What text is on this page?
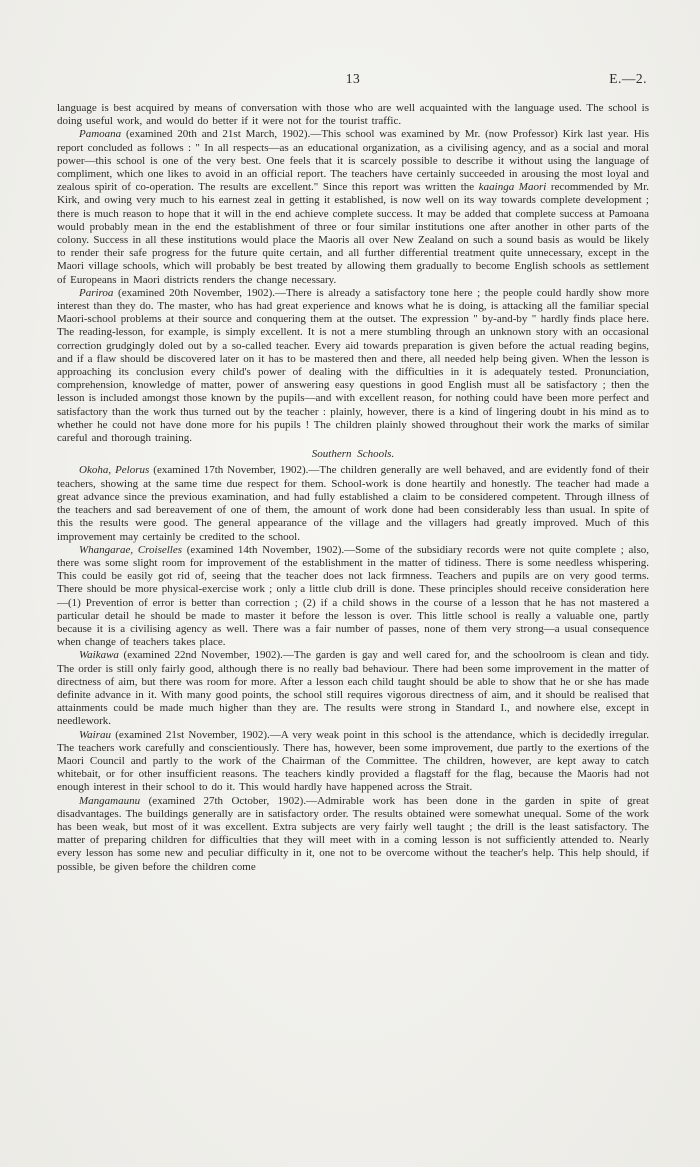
13	E.—2.

language is best acquired by means of conversation with those who are well acquainted with the language used. The school is doing useful work, and would do better if it were not for the tourist traffic.

Pamoana (examined 20th and 21st March, 1902).—This school was examined by Mr. (now Professor) Kirk last year. His report concluded as follows : " In all respects—as an educational organization, as a civilising agency, and as a social and moral power—this school is one of the very best. One feels that it is scarcely possible to describe it without using the language of compliment, which one likes to avoid in an official report. The teachers have certainly succeeded in arousing the most loyal and zealous spirit of co-operation. The results are excellent." Since this report was written the kaainga Maori recommended by Mr. Kirk, and owing very much to his earnest zeal in getting it established, is now well on its way towards complete development ; there is much reason to hope that it will in the end achieve complete success. It may be added that complete success at Pamoana would probably mean in the end the establishment of three or four similar institutions one after another in other parts of the colony. Success in all these institutions would place the Maoris all over New Zealand on such a sound basis as would be likely to render their safe progress for the future quite certain, and all further differential treatment quite unnecessary, except in the Maori village schools, which will probably be best treated by allowing them gradually to become English schools as settlement of Europeans in Maori districts renders the change necessary.

Pariroa (examined 20th November, 1902).—There is already a satisfactory tone here ; the people could hardly show more interest than they do. The master, who has had great experience and knows what he is doing, is attacking all the familiar special Maori-school problems at their source and conquering them at the outset. The expression " by-and-by " hardly finds place here. The reading-lesson, for example, is simply excellent. It is not a mere stumbling through an unknown story with an occasional correction grudgingly doled out by a so-called teacher. Every aid towards preparation is given before the actual reading begins, and if a flaw should be discovered later on it has to be mastered then and there, all needed help being given. When the lesson is approaching its conclusion every child's power of dealing with the difficulties in it is adequately tested. Pronunciation, comprehension, knowledge of matter, power of answering easy questions in good English must all be satisfactory ; then the lesson is included amongst those known by the pupils—and with excellent reason, for nothing could have been more perfect and satisfactory than the work thus turned out by the teacher : plainly, however, there is a kind of lingering doubt in his mind as to whether he could not have done more for his pupils ! The children plainly showed throughout their work the marks of similar careful and thorough training.

Southern Schools.

Okoha, Pelorus (examined 17th November, 1902).—The children generally are well behaved, and are evidently fond of their teachers, showing at the same time due respect for them. School-work is done heartily and honestly. The teacher had made a great advance since the previous examination, and had fully established a claim to be considered competent. Through illness of the teachers and sad bereavement of one of them, the amount of work done had been considerably less than usual. In spite of this the results were good. The general appearance of the village and the villagers had greatly improved. Much of this improvement may certainly be credited to the school.

Whangarae, Croiselles (examined 14th November, 1902).—Some of the subsidiary records were not quite complete ; also, there was some slight room for improvement of the establishment in the matter of tidiness. There is some needless whispering. This could be easily got rid of, seeing that the teacher does not lack firmness. Teachers and pupils are on very good terms. There should be more physical-exercise work ; only a little club drill is done. These principles should receive consideration here—(1) Prevention of error is better than correction ; (2) if a child shows in the course of a lesson that he has not mastered a particular detail he should be made to master it before the lesson is over. This little school is really a valuable one, partly because it is a civilising agency as well. There was a fair number of passes, none of them very strong—a usual consequence when change of teachers takes place.

Waikawa (examined 22nd November, 1902).—The garden is gay and well cared for, and the schoolroom is clean and tidy. The order is still only fairly good, although there is no really bad behaviour. There had been some improvement in the matter of directness of aim, but there was room for more. After a lesson each child taught should be able to show that he or she has made definite advance in it. With many good points, the school still requires vigorous directness of aim, and it should be realised that attainments could be made much higher than they are. The results were strong in Standard I., and nowhere else, except in needlework.

Wairau (examined 21st November, 1902).—A very weak point in this school is the attendance, which is decidedly irregular. The teachers work carefully and conscientiously. There has, however, been some improvement, due partly to the exertions of the Maori Council and partly to the work of the Chairman of the Committee. The children, however, are kept away to catch whitebait, or for other insufficient reasons. The teachers kindly provided a flagstaff for the flag, because the Maoris had not enough interest in their school to do it. This would hardly have happened across the Strait.

Mangamaunu (examined 27th October, 1902).—Admirable work has been done in the garden in spite of great disadvantages. The buildings generally are in satisfactory order. The results obtained were somewhat unequal. Some of the work has been weak, but most of it was excellent. Extra subjects are very fairly well taught ; the drill is the least satisfactory. The matter of preparing children for difficulties that they will meet with in a coming lesson is not sufficiently attended to. Nearly every lesson has some new and peculiar difficulty in it, one not to be overcome without the teacher's help. This help should, if possible, be given before the children come
